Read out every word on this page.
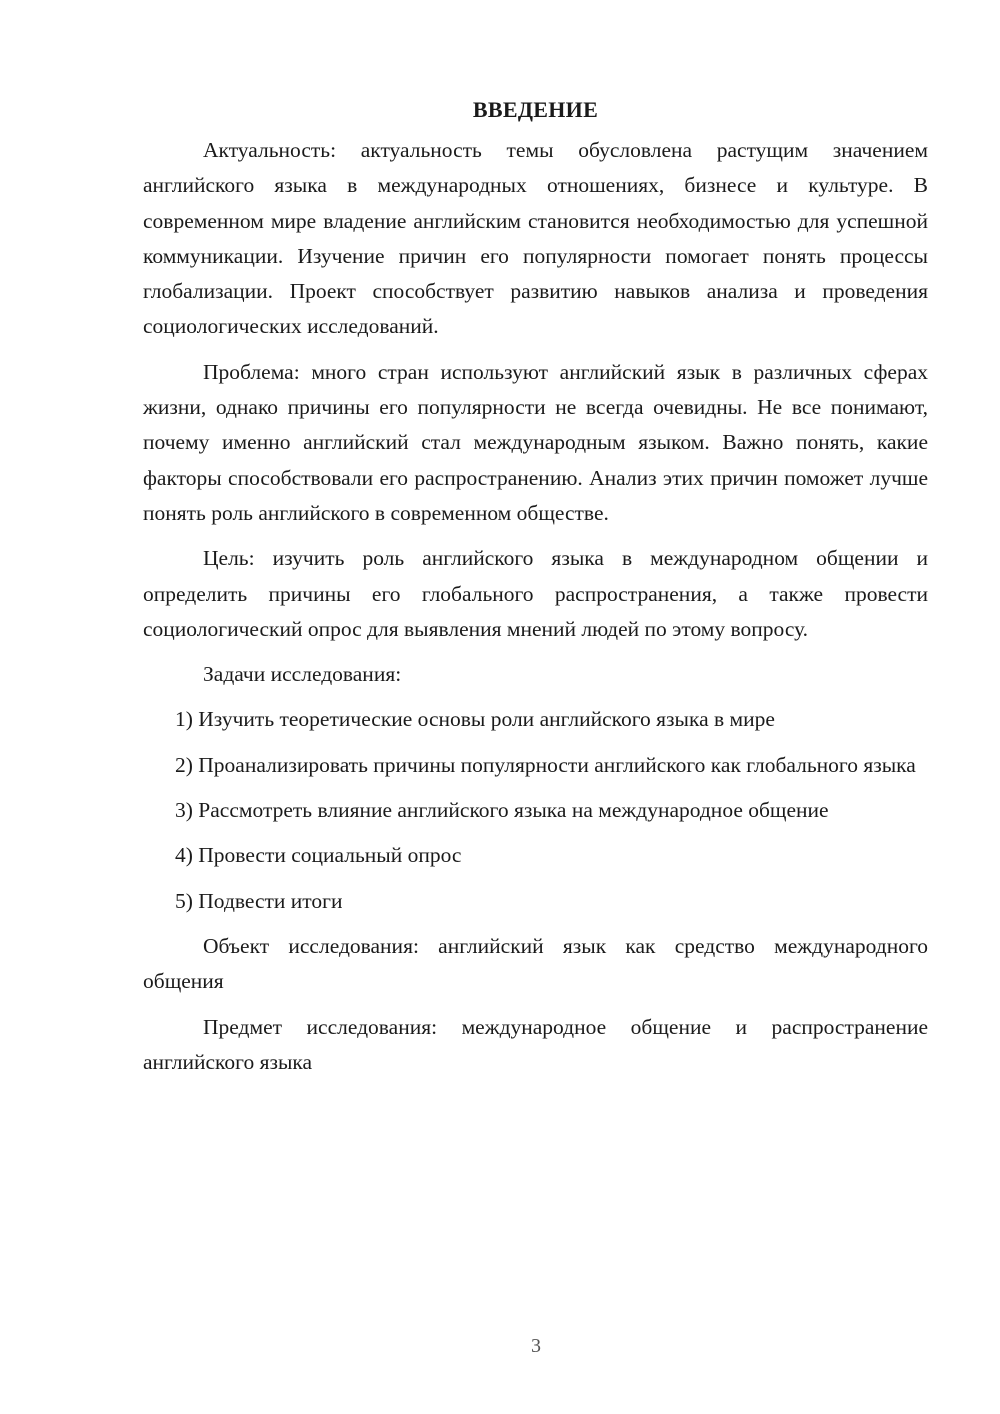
ВВЕДЕНИЕ

Актуальность: актуальность темы обусловлена растущим значением английского языка в международных отношениях, бизнесе и культуре. В современном мире владение английским становится необходимостью для успешной коммуникации. Изучение причин его популярности помогает понять процессы глобализации. Проект способствует развитию навыков анализа и проведения социологических исследований.

Проблема: много стран используют английский язык в различных сферах жизни, однако причины его популярности не всегда очевидны. Не все понимают, почему именно английский стал международным языком. Важно понять, какие факторы способствовали его распространению. Анализ этих причин поможет лучше понять роль английского в современном обществе.

Цель: изучить роль английского языка в международном общении и определить причины его глобального распространения, а также провести социологический опрос для выявления мнений людей по этому вопросу.

Задачи исследования:

1) Изучить теоретические основы роли английского языка в мире

2) Проанализировать причины популярности английского как глобального языка

3) Рассмотреть влияние английского языка на международное общение

4) Провести социальный опрос

5) Подвести итоги

Объект исследования: английский язык как средство международного общения

Предмет исследования: международное общение и распространение английского языка

3
